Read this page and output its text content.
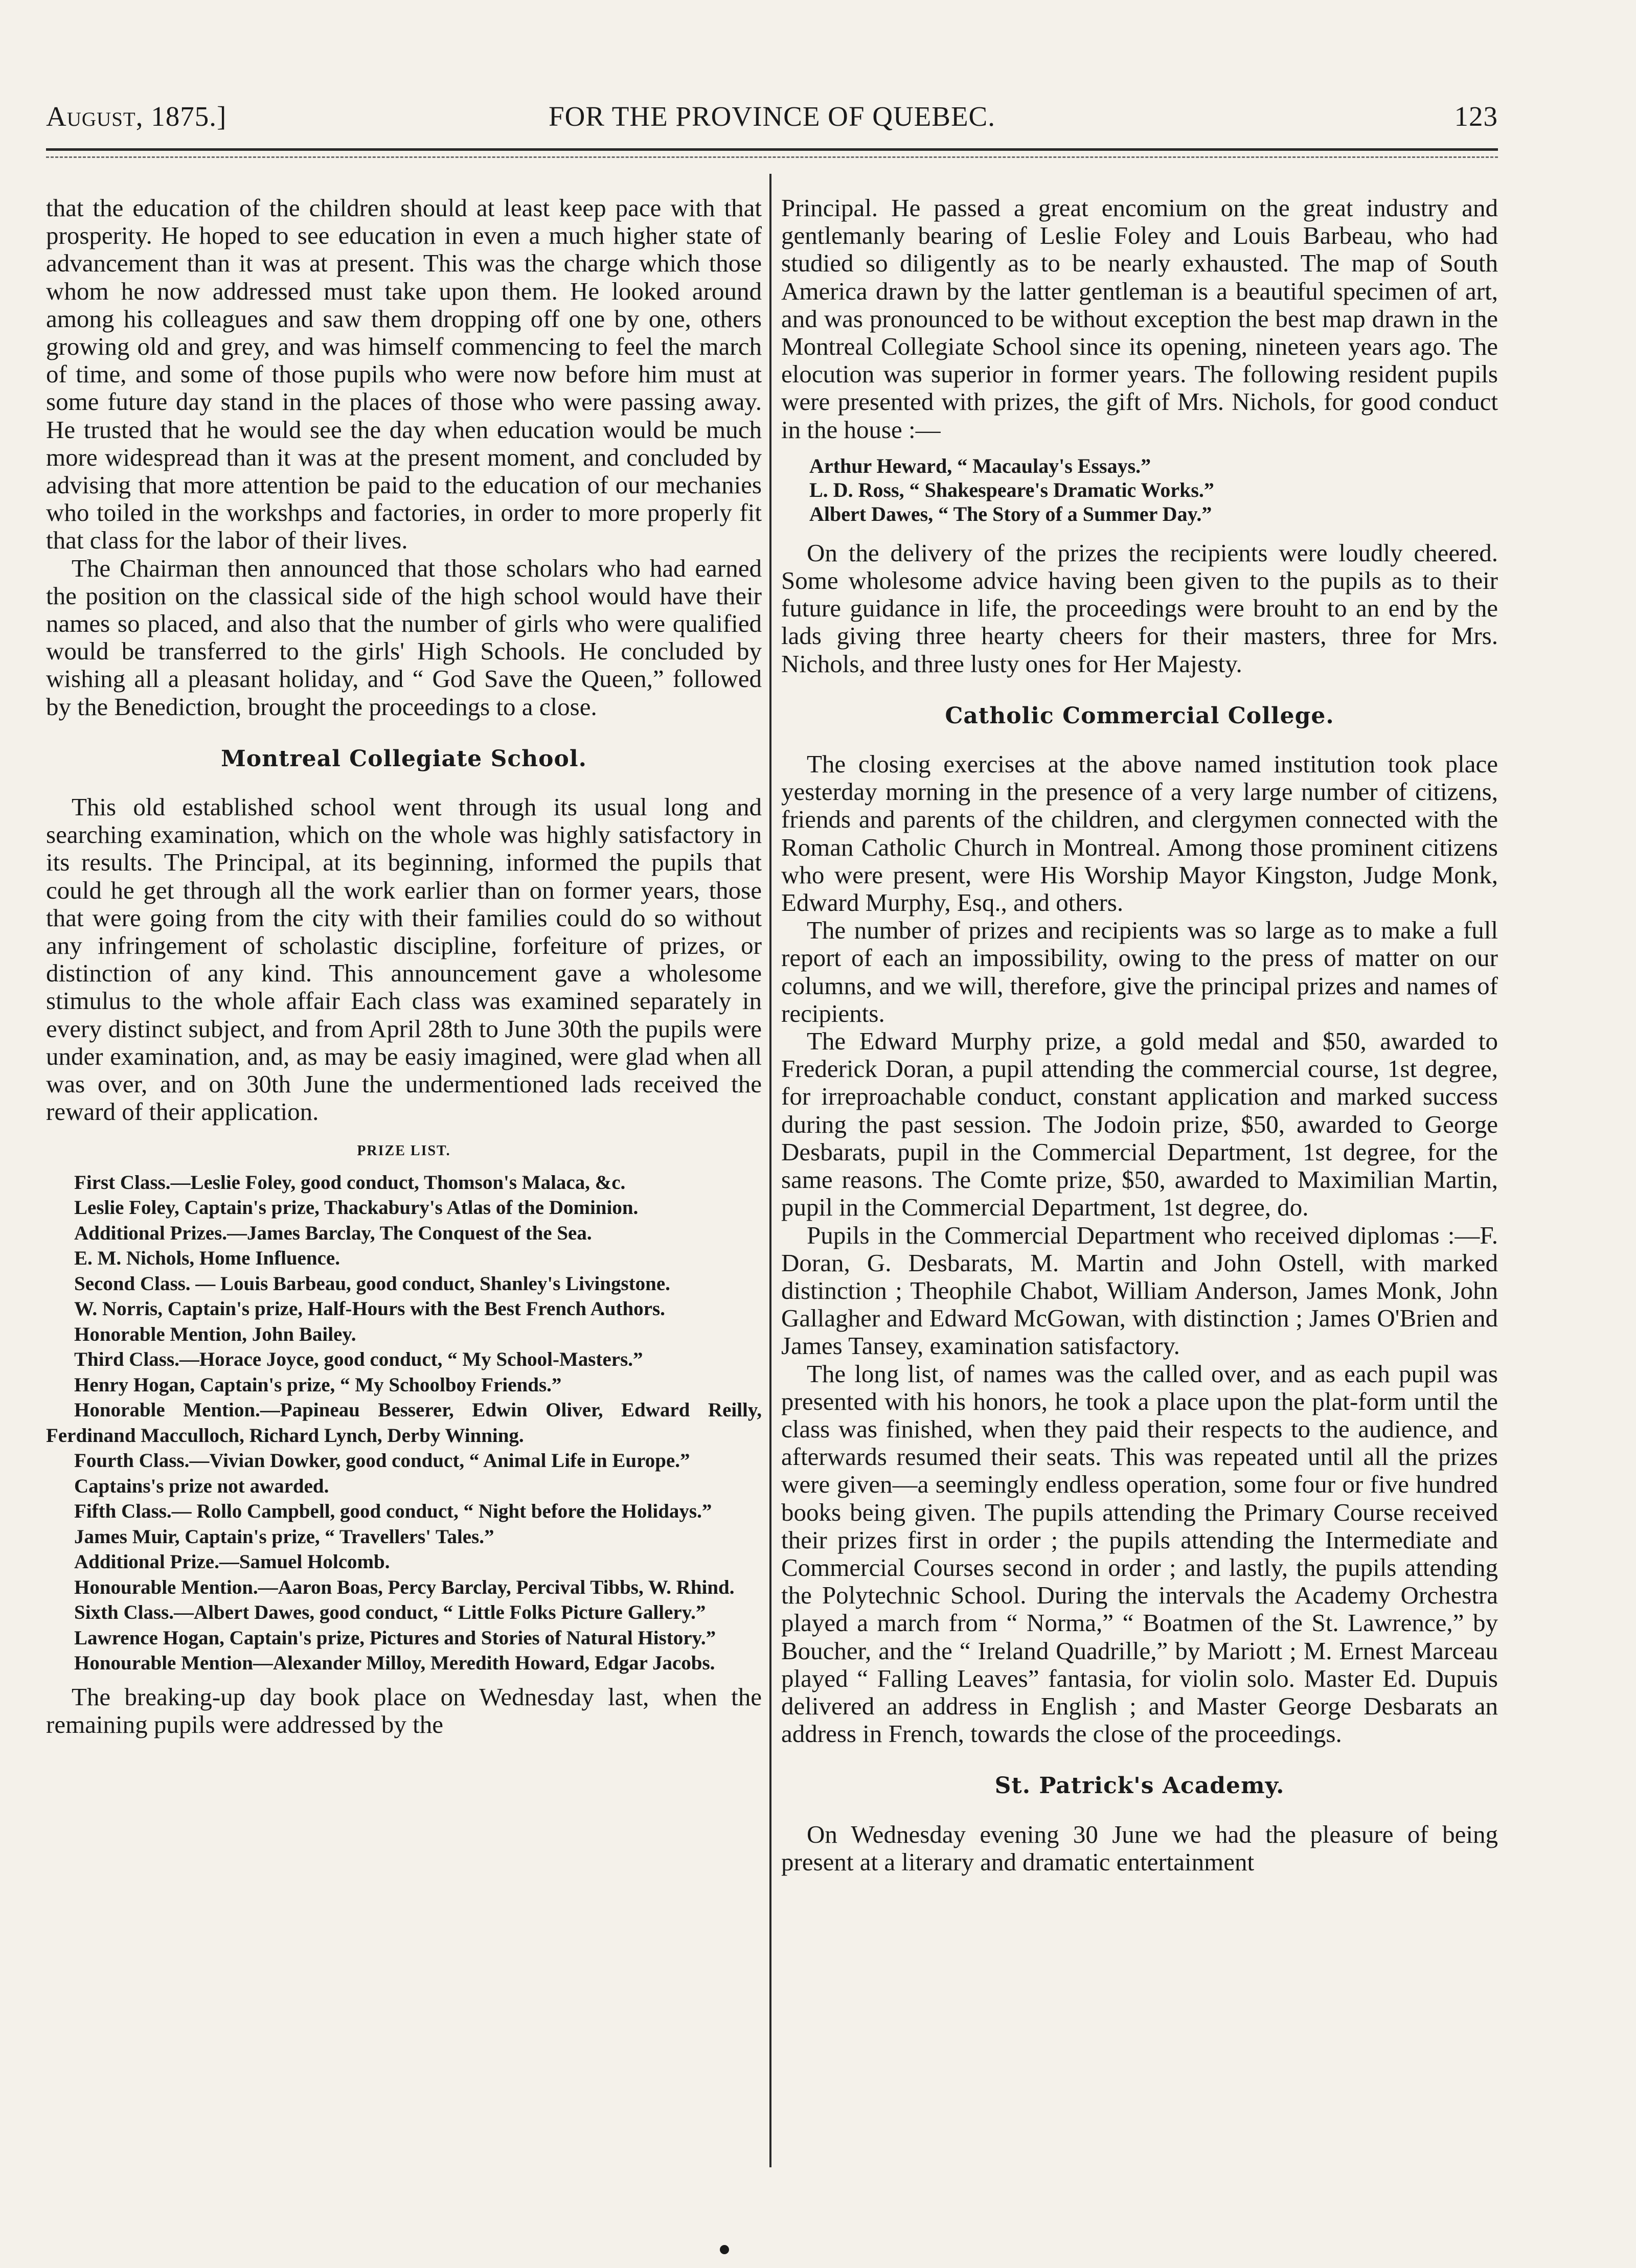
August, 1875.]	FOR THE PROVINCE OF QUEBEC.	123

that the education of the children should at least keep pace with that prosperity. He hoped to see education in even a much higher state of advancement than it was at present. This was the charge which those whom he now addressed must take upon them. He looked around among his colleagues and saw them dropping off one by one, others growing old and grey, and was himself commencing to feel the march of time, and some of those pupils who were now before him must at some future day stand in the places of those who were passing away. He trusted that he would see the day when education would be much more widespread than it was at the present moment, and concluded by advising that more attention be paid to the education of our mechanies who toiled in the workshps and factories, in order to more properly fit that class for the labor of their lives.

The Chairman then announced that those scholars who had earned the position on the classical side of the high school would have their names so placed, and also that the number of girls who were qualified would be transferred to the girls' High Schools. He concluded by wishing all a pleasant holiday, and “ God Save the Queen,” followed by the Benediction, brought the proceedings to a close.

Montreal Collegiate School.

This old established school went through its usual long and searching examination, which on the whole was highly satisfactory in its results. The Principal, at its beginning, informed the pupils that could he get through all the work earlier than on former years, those that were going from the city with their families could do so without any infringement of scholastic discipline, forfeiture of prizes, or distinction of any kind. This announcement gave a wholesome stimulus to the whole affair Each class was examined separately in every distinct subject, and from April 28th to June 30th the pupils were under examination, and, as may be easiy imagined, were glad when all was over, and on 30th June the undermentioned lads received the reward of their application.

PRIZE LIST.

First Class.—Leslie Foley, good conduct, Thomson's Malaca, &c.

Leslie Foley, Captain's prize, Thackabury's Atlas of the Dominion.

Additional Prizes.—James Barclay, The Conquest of the Sea.

E. M. Nichols, Home Influence.

Second Class. — Louis Barbeau, good conduct, Shanley's Livingstone.

W. Norris, Captain's prize, Half-Hours with the Best French Authors.

Honorable Mention, John Bailey.

Third Class.—Horace Joyce, good conduct, “ My School-Masters.”

Henry Hogan, Captain's prize, “ My Schoolboy Friends.”

Honorable Mention.—Papineau Besserer, Edwin Oliver, Edward Reilly, Ferdinand Macculloch, Richard Lynch, Derby Winning.

Fourth Class.—Vivian Dowker, good conduct, “ Animal Life in Europe.”

Captains's prize not awarded.

Fifth Class.— Rollo Campbell, good conduct, “ Night before the Holidays.”

James Muir, Captain's prize, “ Travellers' Tales.”

Additional Prize.—Samuel Holcomb.

Honourable Mention.—Aaron Boas, Percy Barclay, Percival Tibbs, W. Rhind.

Sixth Class.—Albert Dawes, good conduct, “ Little Folks Picture Gallery.”

Lawrence Hogan, Captain's prize, Pictures and Stories of Natural History.”

Honourable Mention—Alexander Milloy, Meredith Howard, Edgar Jacobs.

The breaking-up day book place on Wednesday last, when the remaining pupils were addressed by the

Principal. He passed a great encomium on the great industry and gentlemanly bearing of Leslie Foley and Louis Barbeau, who had studied so diligently as to be nearly exhausted. The map of South America drawn by the latter gentleman is a beautiful specimen of art, and was pronounced to be without exception the best map drawn in the Montreal Collegiate School since its opening, nineteen years ago. The elocution was superior in former years. The following resident pupils were presented with prizes, the gift of Mrs. Nichols, for good conduct in the house :—

Arthur Heward, “ Macaulay's Essays.”

L. D. Ross, “ Shakespeare's Dramatic Works.”

Albert Dawes, “ The Story of a Summer Day.”

On the delivery of the prizes the recipients were loudly cheered. Some wholesome advice having been given to the pupils as to their future guidance in life, the proceedings were brouht to an end by the lads giving three hearty cheers for their masters, three for Mrs. Nichols, and three lusty ones for Her Majesty.

Catholic Commercial College.

The closing exercises at the above named institution took place yesterday morning in the presence of a very large number of citizens, friends and parents of the children, and clergymen connected with the Roman Catholic Church in Montreal. Among those prominent citizens who were present, were His Worship Mayor Kingston, Judge Monk, Edward Murphy, Esq., and others.

The number of prizes and recipients was so large as to make a full report of each an impossibility, owing to the press of matter on our columns, and we will, therefore, give the principal prizes and names of recipients.

The Edward Murphy prize, a gold medal and $50, awarded to Frederick Doran, a pupil attending the commercial course, 1st degree, for irreproachable conduct, constant application and marked success during the past session. The Jodoin prize, $50, awarded to George Desbarats, pupil in the Commercial Department, 1st degree, for the same reasons. The Comte prize, $50, awarded to Maximilian Martin, pupil in the Commercial Department, 1st degree, do.

Pupils in the Commercial Department who received diplomas :—F. Doran, G. Desbarats, M. Martin and John Ostell, with marked distinction ; Theophile Chabot, William Anderson, James Monk, John Gallagher and Edward McGowan, with distinction ; James O'Brien and James Tansey, examination satisfactory.

The long list, of names was the called over, and as each pupil was presented with his honors, he took a place upon the plat-form until the class was finished, when they paid their respects to the audience, and afterwards resumed their seats. This was repeated until all the prizes were given—a seemingly endless operation, some four or five hundred books being given. The pupils attending the Primary Course received their prizes first in order ; the pupils attending the Intermediate and Commercial Courses second in order ; and lastly, the pupils attending the Polytechnic School. During the intervals the Academy Orchestra played a march from “ Norma,” “ Boatmen of the St. Lawrence,” by Boucher, and the “ Ireland Quadrille,” by Mariott ; M. Ernest Marceau played “ Falling Leaves” fantasia, for violin solo. Master Ed. Dupuis delivered an address in English ; and Master George Desbarats an address in French, towards the close of the proceedings.

St. Patrick's Academy.

On Wednesday evening 30 June we had the pleasure of being present at a literary and dramatic entertainment
